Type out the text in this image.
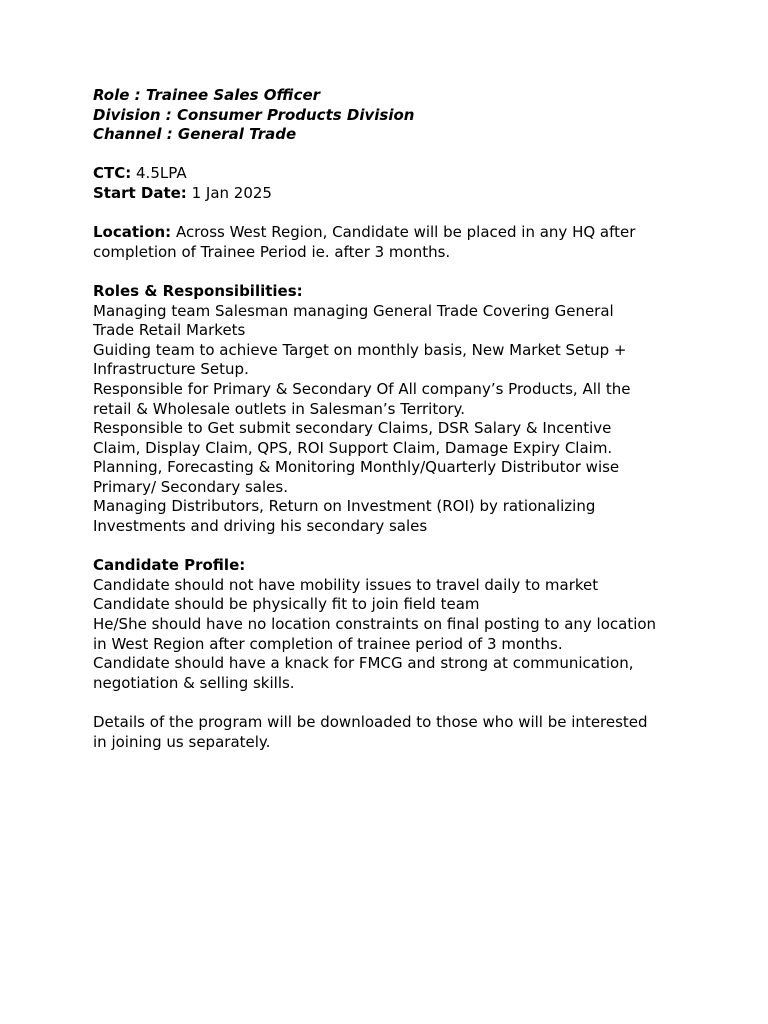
Role : Trainee Sales Officer
Division : Consumer Products Division
Channel : General Trade
CTC: 4.5LPA
Start Date: 1 Jan 2025
Location: Across West Region, Candidate will be placed in any HQ after
completion of Trainee Period ie. after 3 months.
Roles & Responsibilities:
Managing team Salesman managing General Trade Covering General
Trade Retail Markets
Guiding team to achieve Target on monthly basis, New Market Setup +
Infrastructure Setup.
Responsible for Primary & Secondary Of All company’s Products, All the
retail & Wholesale outlets in Salesman’s Territory.
Responsible to Get submit secondary Claims, DSR Salary & Incentive
Claim, Display Claim, QPS, ROI Support Claim, Damage Expiry Claim.
Planning, Forecasting & Monitoring Monthly/Quarterly Distributor wise
Primary/ Secondary sales.
Managing Distributors, Return on Investment (ROI) by rationalizing
Investments and driving his secondary sales
Candidate Profile:
Candidate should not have mobility issues to travel daily to market
Candidate should be physically fit to join field team
He/She should have no location constraints on final posting to any location
in West Region after completion of trainee period of 3 months.
Candidate should have a knack for FMCG and strong at communication,
negotiation & selling skills.
Details of the program will be downloaded to those who will be interested
in joining us separately.
